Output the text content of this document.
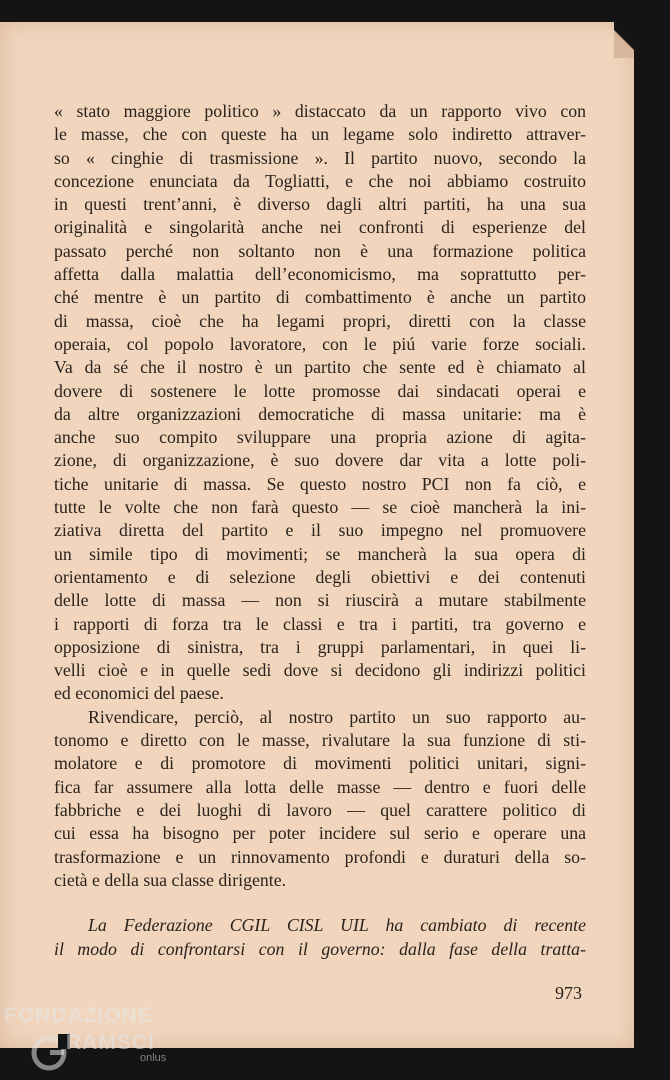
« stato maggiore politico » distaccato da un rapporto vivo con
le masse, che con queste ha un legame solo indiretto attraver-
so « cinghie di trasmissione ». Il partito nuovo, secondo la
concezione enunciata da Togliatti, e che noi abbiamo costruito
in questi trent’anni, è diverso dagli altri partiti, ha una sua
originalità e singolarità anche nei confronti di esperienze del
passato perché non soltanto non è una formazione politica
affetta dalla malattia dell’economicismo, ma soprattutto per-
ché mentre è un partito di combattimento è anche un partito
di massa, cioè che ha legami propri, diretti con la classe
operaia, col popolo lavoratore, con le piú varie forze sociali.
Va da sé che il nostro è un partito che sente ed è chiamato al
dovere di sostenere le lotte promosse dai sindacati operai e
da altre organizzazioni democratiche di massa unitarie: ma è
anche suo compito sviluppare una propria azione di agita-
zione, di organizzazione, è suo dovere dar vita a lotte poli-
tiche unitarie di massa. Se questo nostro PCI non fa ciò, e
tutte le volte che non farà questo — se cioè mancherà la ini-
ziativa diretta del partito e il suo impegno nel promuovere
un simile tipo di movimenti; se mancherà la sua opera di
orientamento e di selezione degli obiettivi e dei contenuti
delle lotte di massa — non si riuscirà a mutare stabilmente
i rapporti di forza tra le classi e tra i partiti, tra governo e
opposizione di sinistra, tra i gruppi parlamentari, in quei li-
velli cioè e in quelle sedi dove si decidono gli indirizzi politici
ed economici del paese.

Rivendicare, perciò, al nostro partito un suo rapporto au-
tonomo e diretto con le masse, rivalutare la sua funzione di sti-
molatore e di promotore di movimenti politici unitari, signi-
fica far assumere alla lotta delle masse — dentro e fuori delle
fabbriche e dei luoghi di lavoro — quel carattere politico di
cui essa ha bisogno per poter incidere sul serio e operare una
trasformazione e un rinnovamento profondi e duraturi della so-
cietà e della sua classe dirigente.

La Federazione CGIL CISL UIL ha cambiato di recente
il modo di confrontarsi con il governo: dalla fase della tratta-
973
FONDAZIONE
RAMSCI
onlus
